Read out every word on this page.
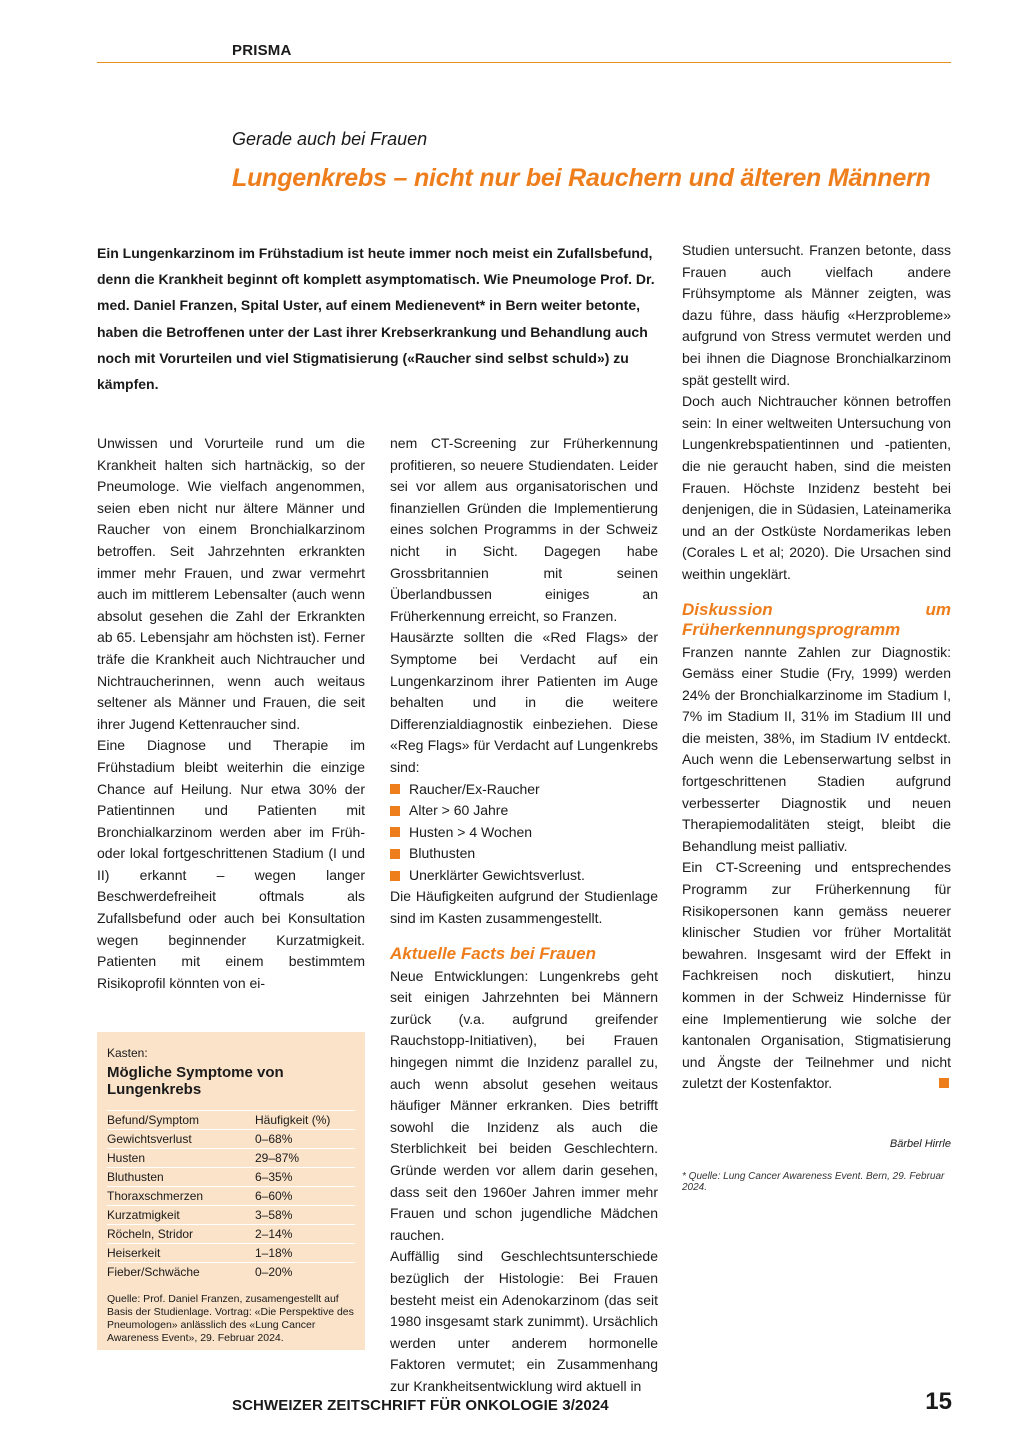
PRISMA
Gerade auch bei Frauen
Lungenkrebs – nicht nur bei Rauchern und älteren Männern

Ein Lungenkarzinom im Frühstadium ist heute immer noch meist ein Zufallsbefund, denn die Krankheit beginnt oft komplett asymptomatisch. Wie Pneumologe Prof. Dr. med. Daniel Franzen, Spital Uster, auf einem Medienevent* in Bern weiter betonte, haben die Betroffenen unter der Last ihrer Krebserkrankung und Behandlung auch noch mit Vorurteilen und viel Stigmatisierung («Raucher sind selbst schuld») zu kämpfen.

Unwissen und Vorurteile rund um die Krankheit halten sich hartnäckig, so der Pneumologe. Wie vielfach angenommen, seien eben nicht nur ältere Männer und Raucher von einem Bronchialkarzinom betroffen. Seit Jahrzehnten erkrankten immer mehr Frauen, und zwar vermehrt auch im mittlerem Lebensalter (auch wenn absolut gesehen die Zahl der Erkrankten ab 65. Lebensjahr am höchsten ist). Ferner träfe die Krankheit auch Nichtraucher und Nichtraucherinnen, wenn auch weitaus seltener als Männer und Frauen, die seit ihrer Jugend Kettenraucher sind.

Eine Diagnose und Therapie im Frühstadium bleibt weiterhin die einzige Chance auf Heilung. Nur etwa 30% der Patientinnen und Patienten mit Bronchialkarzinom werden aber im Früh- oder lokal fortgeschrittenen Stadium (I und II) erkannt – wegen langer Beschwerdefreiheit oftmals als Zufallsbefund oder auch bei Konsultation wegen beginnender Kurzatmigkeit. Patienten mit einem bestimmtem Risikoprofil könnten von ei-

nem CT-Screening zur Früherkennung profitieren, so neuere Studiendaten. Leider sei vor allem aus organisatorischen und finanziellen Gründen die Implementierung eines solchen Programms in der Schweiz nicht in Sicht. Dagegen habe Grossbritannien mit seinen Überlandbussen einiges an Früherkennung erreicht, so Franzen.

Hausärzte sollten die «Red Flags» der Symptome bei Verdacht auf ein Lungenkarzinom ihrer Patienten im Auge behalten und in die weitere Differenzialdiagnostik einbeziehen. Diese «Reg Flags» für Verdacht auf Lungenkrebs sind:

Raucher/Ex-Raucher
Alter > 60 Jahre
Husten > 4 Wochen
Bluthusten
Unerklärter Gewichtsverlust.

Die Häufigkeiten aufgrund der Studienlage sind im Kasten zusammengestellt.

Aktuelle Facts bei Frauen

Neue Entwicklungen: Lungenkrebs geht seit einigen Jahrzehnten bei Männern zurück (v.a. aufgrund greifender Rauchstopp-Initiativen), bei Frauen hingegen nimmt die Inzidenz parallel zu, auch wenn absolut gesehen weitaus häufiger Männer erkranken. Dies betrifft sowohl die Inzidenz als auch die Sterblichkeit bei beiden Geschlechtern. Gründe werden vor allem darin gesehen, dass seit den 1960er Jahren immer mehr Frauen und schon jugendliche Mädchen rauchen.

Auffällig sind Geschlechtsunterschiede bezüglich der Histologie: Bei Frauen besteht meist ein Adenokarzinom (das seit 1980 insgesamt stark zunimmt). Ursächlich werden unter anderem hormonelle Faktoren vermutet; ein Zusammenhang zur Krankheitsentwicklung wird aktuell in

Studien untersucht. Franzen betonte, dass Frauen auch vielfach andere Frühsymptome als Männer zeigten, was dazu führe, dass häufig «Herzprobleme» aufgrund von Stress vermutet werden und bei ihnen die Diagnose Bronchialkarzinom spät gestellt wird.

Doch auch Nichtraucher können betroffen sein: In einer weltweiten Untersuchung von Lungenkrebspatientinnen und -patienten, die nie geraucht haben, sind die meisten Frauen. Höchste Inzidenz besteht bei denjenigen, die in Südasien, Lateinamerika und an der Ostküste Nordamerikas leben (Corales L et al; 2020). Die Ursachen sind weithin ungeklärt.

Diskussion um Früherkennungsprogramm

Franzen nannte Zahlen zur Diagnostik: Gemäss einer Studie (Fry, 1999) werden 24% der Bronchialkarzinome im Stadium I, 7% im Stadium II, 31% im Stadium III und die meisten, 38%, im Stadium IV entdeckt. Auch wenn die Lebenserwartung selbst in fortgeschrittenen Stadien aufgrund verbesserter Diagnostik und neuen Therapiemodalitäten steigt, bleibt die Behandlung meist palliativ.

Ein CT-Screening und entsprechendes Programm zur Früherkennung für Risikopersonen kann gemäss neuerer klinischer Studien vor früher Mortalität bewahren. Insgesamt wird der Effekt in Fachkreisen noch diskutiert, hinzu kommen in der Schweiz Hindernisse für eine Implementierung wie solche der kantonalen Organisation, Stigmatisierung und Ängste der Teilnehmer und nicht zuletzt der Kostenfaktor.

Bärbel Hirrle
* Quelle: Lung Cancer Awareness Event. Bern, 29. Februar 2024.
Kasten:
Mögliche Symptome von Lungenkrebs
Befund/Symptom	Häufigkeit (%)
Gewichtsverlust	0–68%
Husten	29–87%
Bluthusten	6–35%
Thoraxschmerzen	6–60%
Kurzatmigkeit	3–58%
Röcheln, Stridor	2–14%
Heiserkeit	1–18%
Fieber/Schwäche	0–20%
Quelle: Prof. Daniel Franzen, zusamengestellt auf Basis der Studienlage. Vortrag: «Die Perspektive des Pneumologen» anlässlich des «Lung Cancer Awareness Event», 29. Februar 2024.
SCHWEIZER ZEITSCHRIFT FÜR ONKOLOGIE 3/2024	15
